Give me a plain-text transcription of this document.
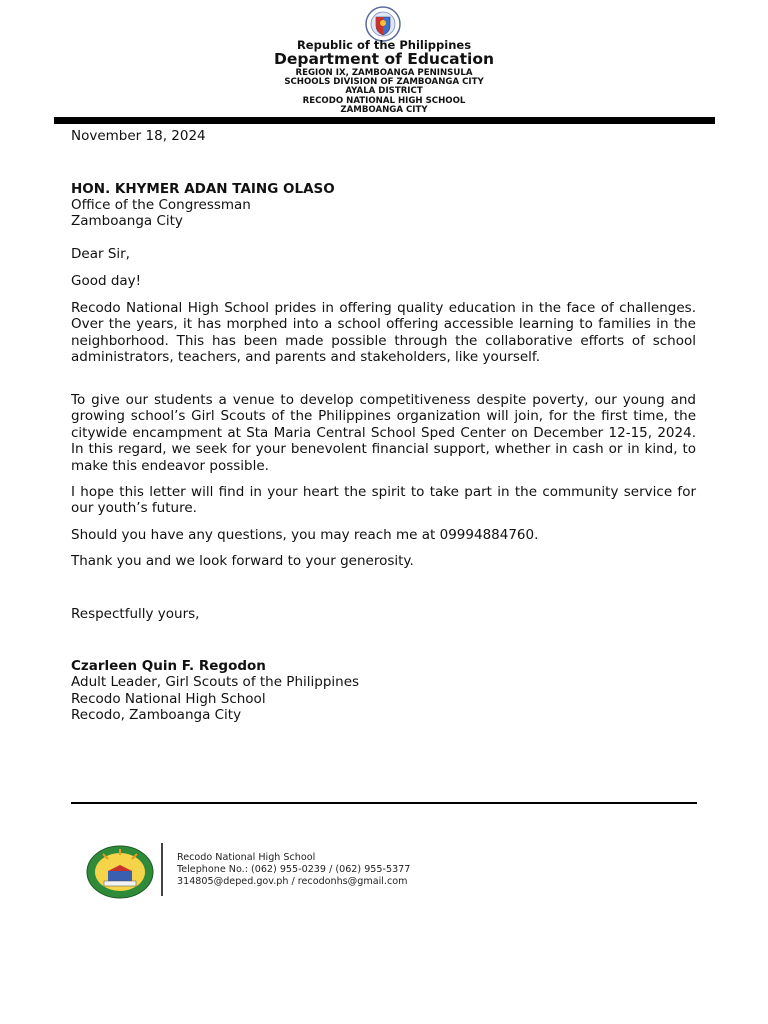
Republic of the Philippines
Department of Education
REGION IX, ZAMBOANGA PENINSULA
SCHOOLS DIVISION OF ZAMBOANGA CITY
AYALA DISTRICT
RECODO NATIONAL HIGH SCHOOL
ZAMBOANGA CITY
November 18, 2024
HON. KHYMER ADAN TAING OLASO
Office of the Congressman
Zamboanga City
Dear Sir,
Good day!
Recodo National High School prides in offering quality education in the face of challenges. Over the years, it has morphed into a school offering accessible learning to families in the neighborhood. This has been made possible through the collaborative efforts of school administrators, teachers, and parents and stakeholders, like yourself.
To give our students a venue to develop competitiveness despite poverty, our young and growing school’s Girl Scouts of the Philippines organization will join, for the first time, the citywide encampment at Sta Maria Central School Sped Center on December 12-15, 2024. In this regard, we seek for your benevolent financial support, whether in cash or in kind, to make this endeavor possible.
I hope this letter will find in your heart the spirit to take part in the community service for our youth’s future.
Should you have any questions, you may reach me at 09994884760.
Thank you and we look forward to your generosity.
Respectfully yours,
Czarleen Quin F. Regodon
Adult Leader, Girl Scouts of the Philippines
Recodo National High School
Recodo, Zamboanga City
Recodo National High School
Telephone No.: (062) 955-0239 / (062) 955-5377
314805@deped.gov.ph / recodonhs@gmail.com
